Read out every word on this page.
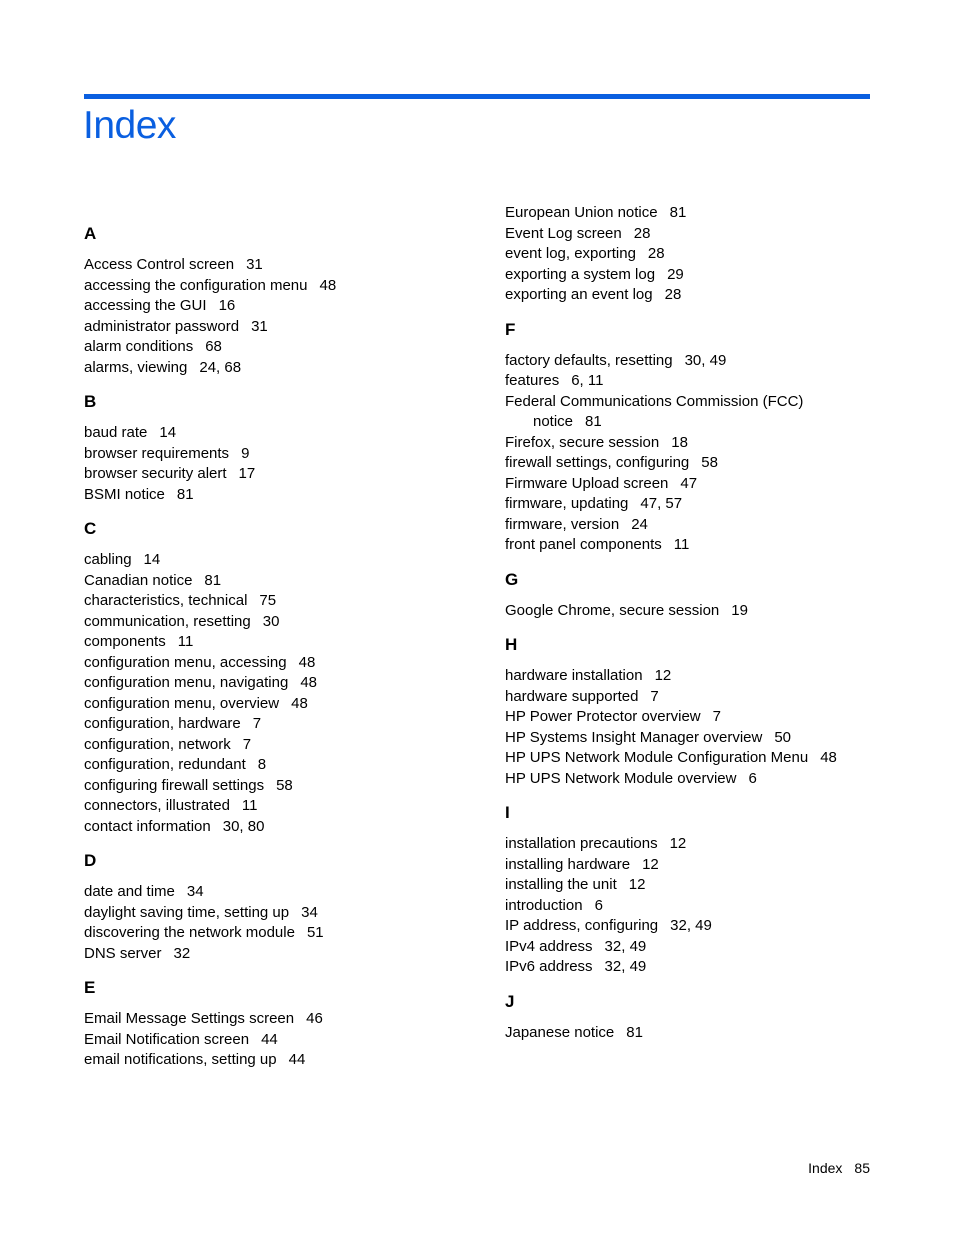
Index
A
Access Control screen 31
accessing the configuration menu 48
accessing the GUI 16
administrator password 31
alarm conditions 68
alarms, viewing 24, 68
B
baud rate 14
browser requirements 9
browser security alert 17
BSMI notice 81
C
cabling 14
Canadian notice 81
characteristics, technical 75
communication, resetting 30
components 11
configuration menu, accessing 48
configuration menu, navigating 48
configuration menu, overview 48
configuration, hardware 7
configuration, network 7
configuration, redundant 8
configuring firewall settings 58
connectors, illustrated 11
contact information 30, 80
D
date and time 34
daylight saving time, setting up 34
discovering the network module 51
DNS server 32
E
Email Message Settings screen 46
Email Notification screen 44
email notifications, setting up 44
European Union notice 81
Event Log screen 28
event log, exporting 28
exporting a system log 29
exporting an event log 28
F
factory defaults, resetting 30, 49
features 6, 11
Federal Communications Commission (FCC)
notice 81
Firefox, secure session 18
firewall settings, configuring 58
Firmware Upload screen 47
firmware, updating 47, 57
firmware, version 24
front panel components 11
G
Google Chrome, secure session 19
H
hardware installation 12
hardware supported 7
HP Power Protector overview 7
HP Systems Insight Manager overview 50
HP UPS Network Module Configuration Menu 48
HP UPS Network Module overview 6
I
installation precautions 12
installing hardware 12
installing the unit 12
introduction 6
IP address, configuring 32, 49
IPv4 address 32, 49
IPv6 address 32, 49
J
Japanese notice 81
Index 85
